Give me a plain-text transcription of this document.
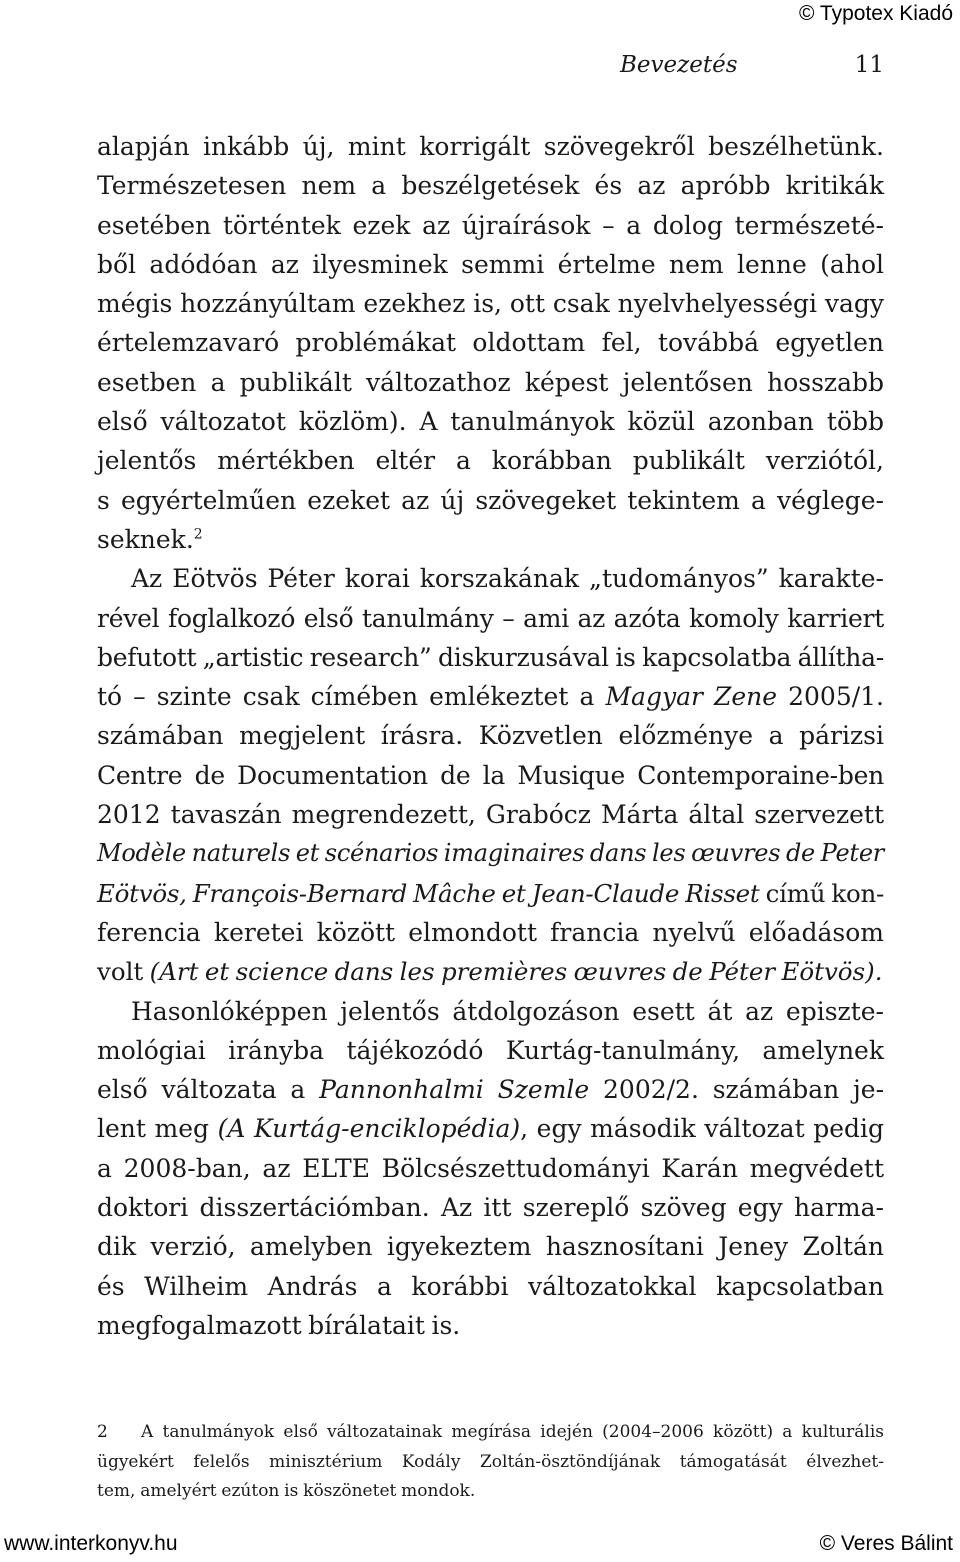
© Typotex Kiadó
Bevezetés	11
alapján inkább új, mint korrigált szövegekről beszélhetünk.
Természetesen nem a beszélgetések és az apróbb kritikák
esetében történtek ezek az újraírások – a dolog természeté-
ből adódóan az ilyesminek semmi értelme nem lenne (ahol
mégis hozzányúltam ezekhez is, ott csak nyelvhelyességi vagy
értelemzavaró problémákat oldottam fel, továbbá egyetlen
esetben a publikált változathoz képest jelentősen hosszabb
első változatot közlöm). A tanulmányok közül azonban több
jelentős mértékben eltér a korábban publikált verziótól,
s egyértelműen ezeket az új szövegeket tekintem a véglege-
seknek.$^2$
Az Eötvös Péter korai korszakának „tudományos” karakte-
rével foglalkozó első tanulmány – ami az azóta komoly karriert
befutott „artistic research” diskurzusával is kapcsolatba állítha-
tó – szinte csak címében emlékeztet a Magyar Zene 2005/1.
számában megjelent írásra. Közvetlen előzménye a párizsi
Centre de Documentation de la Musique Contemporaine-ben
2012 tavaszán megrendezett, Grabócz Márta által szervezett
Modèle naturels et scénarios imaginaires dans les œuvres de Peter
Eötvös, François-Bernard Mâche et Jean-Claude Risset című kon-
ferencia keretei között elmondott francia nyelvű előadásom
volt (Art et science dans les premières œuvres de Péter Eötvös).
Hasonlóképpen jelentős átdolgozáson esett át az episzte-
mológiai irányba tájékozódó Kurtág-tanulmány, amelynek
első változata a Pannonhalmi Szemle 2002/2. számában je-
lent meg (A Kurtág-enciklopédia), egy második változat pedig
a 2008-ban, az ELTE Bölcsészettudományi Karán megvédett
doktori disszertációmban. Az itt szereplő szöveg egy harma-
dik verzió, amelyben igyekeztem hasznosítani Jeney Zoltán
és Wilheim András a korábbi változatokkal kapcsolatban
megfogalmazott bírálatait is.
2 A tanulmányok első változatainak megírása idején (2004–2006 között) a kulturális
ügyekért felelős minisztérium Kodály Zoltán-ösztöndíjának támogatását élvezhet-
tem, amelyért ezúton is köszönetet mondok.
www.interkonyv.hu	© Veres Bálint
